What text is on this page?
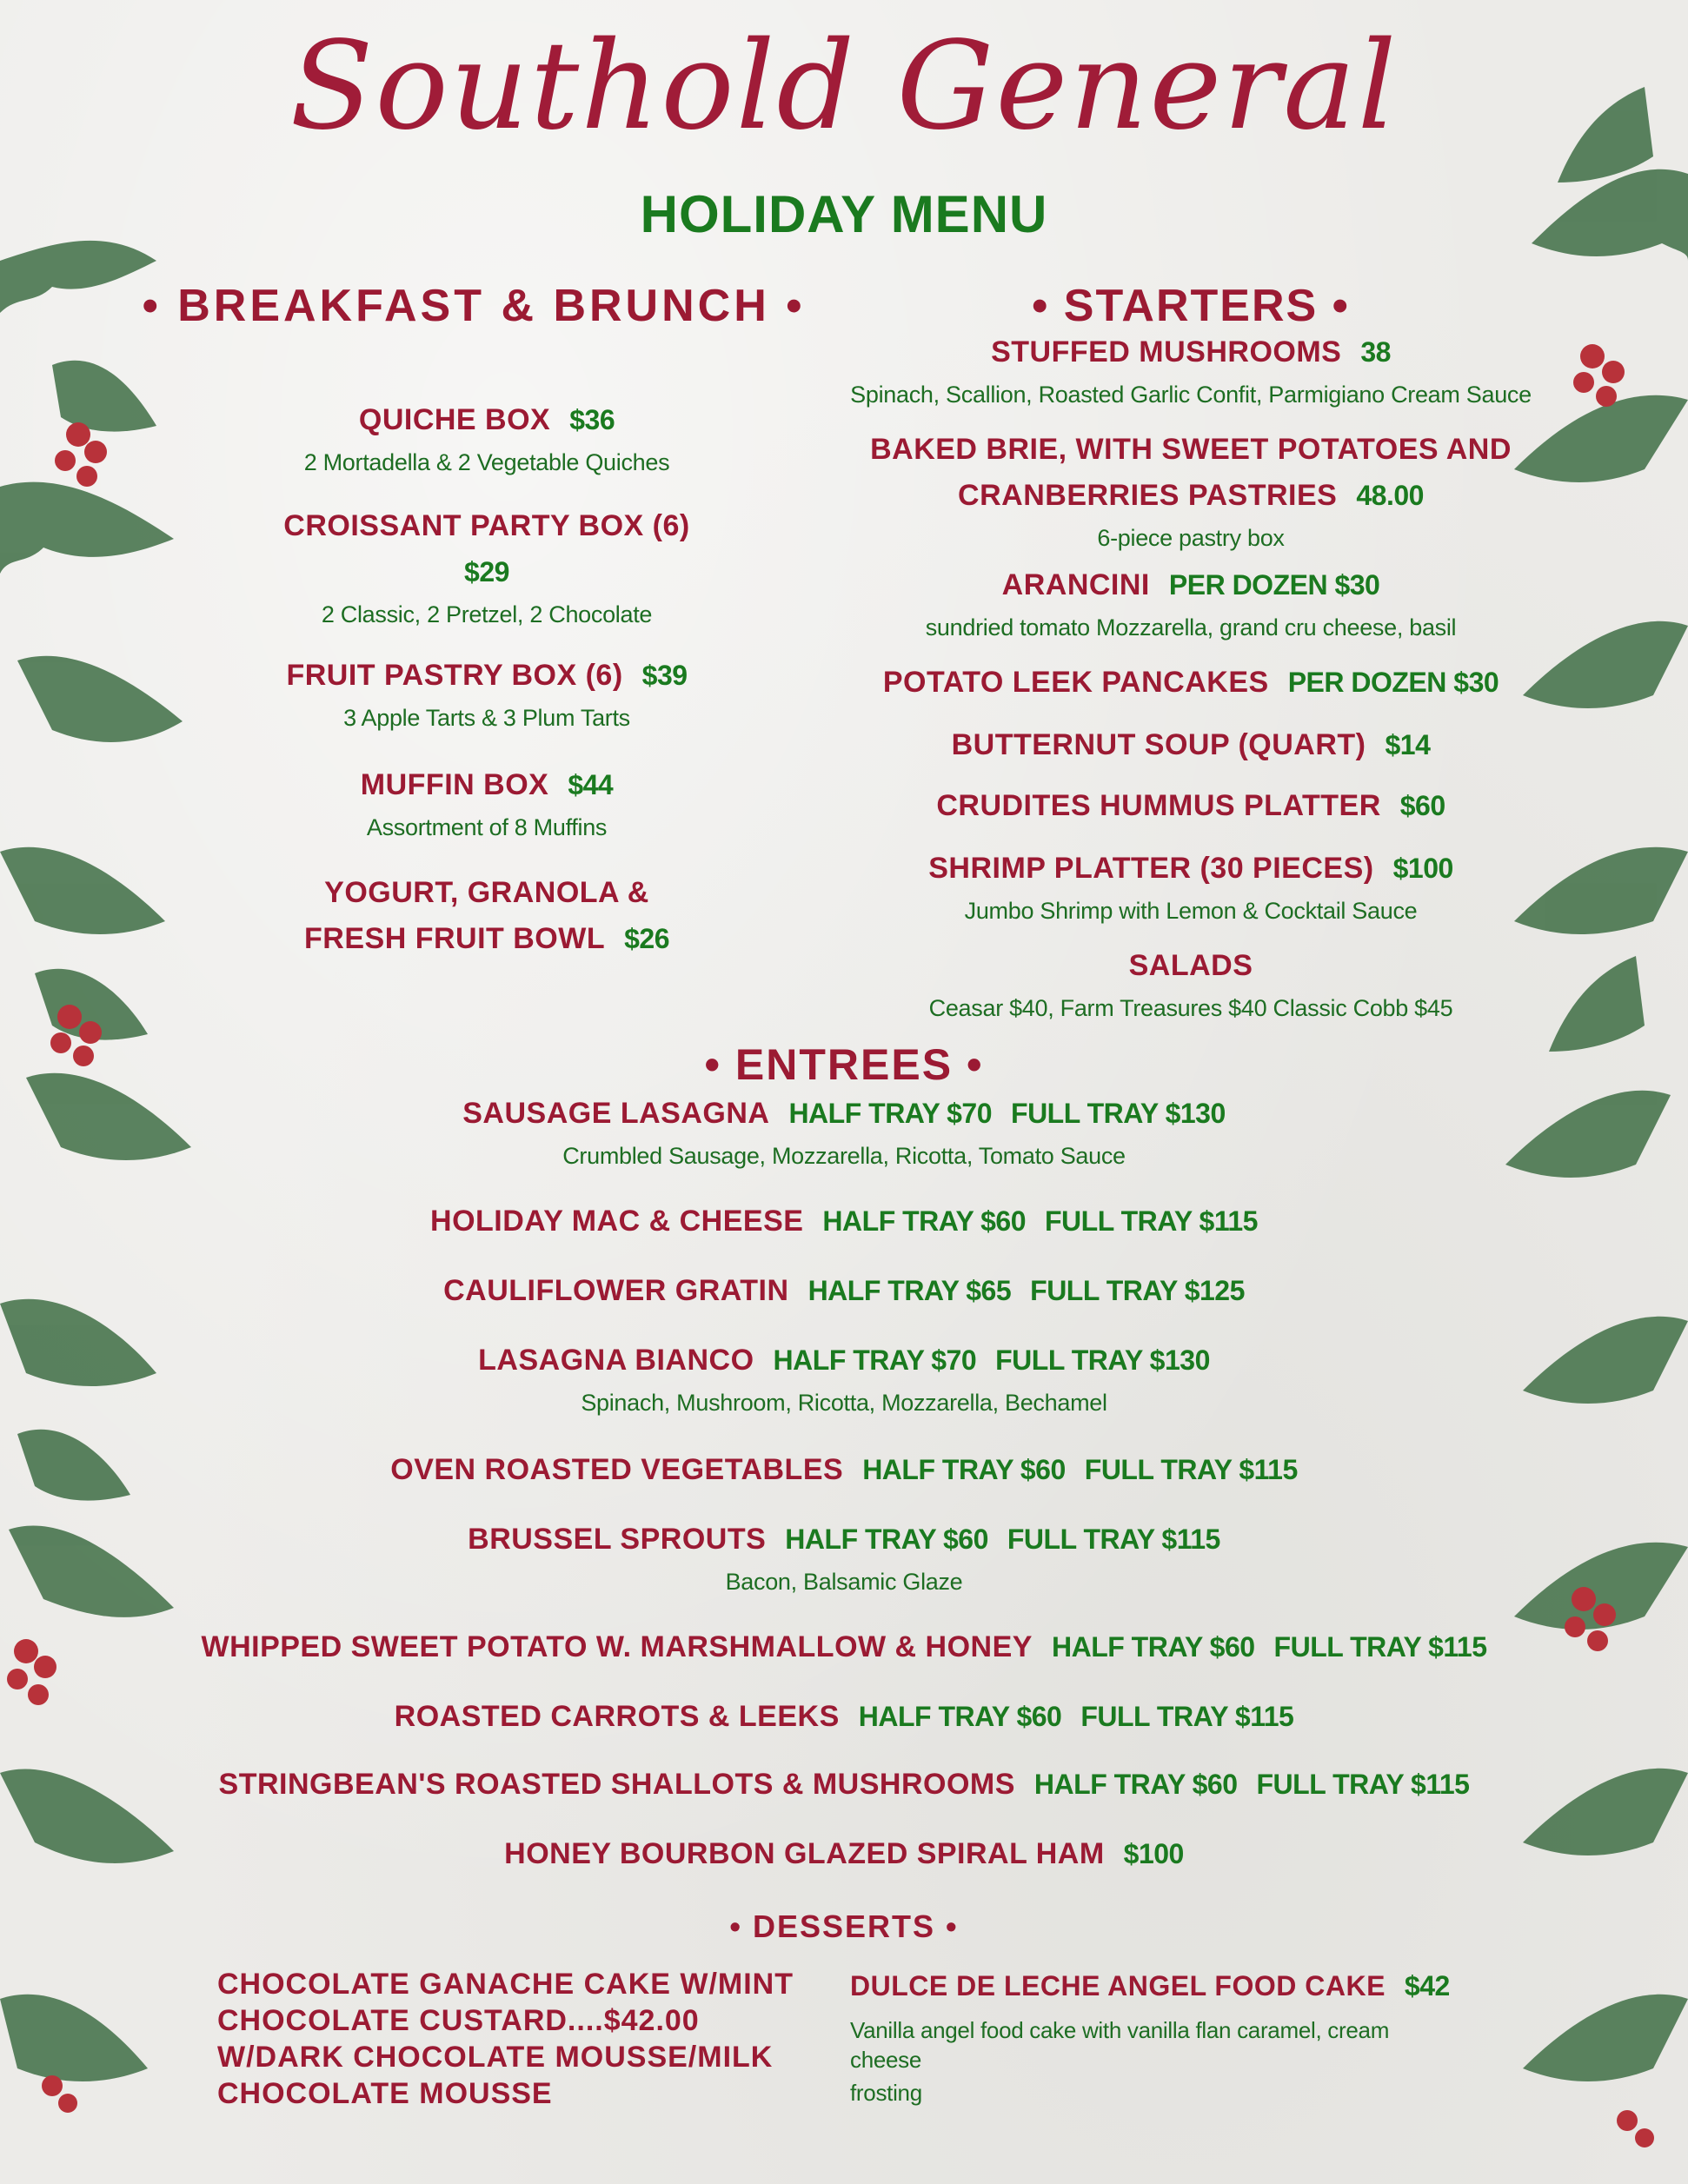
Southold General
HOLIDAY MENU
• BREAKFAST & BRUNCH •
QUICHE BOX $36
2 Mortadella & 2 Vegetable Quiches
CROISSANT PARTY BOX (6)
$29
2 Classic, 2 Pretzel, 2 Chocolate
FRUIT PASTRY BOX (6) $39
3 Apple Tarts & 3 Plum Tarts
MUFFIN BOX $44
Assortment of 8 Muffins
YOGURT, GRANOLA &
FRESH FRUIT BOWL $26
• STARTERS •
STUFFED MUSHROOMS 38
Spinach, Scallion, Roasted Garlic Confit, Parmigiano Cream Sauce
BAKED BRIE, WITH SWEET POTATOES AND
CRANBERRIES PASTRIES 48.00
6-piece pastry box
ARANCINI PER DOZEN $30
sundried tomato Mozzarella, grand cru cheese, basil
POTATO LEEK PANCAKES PER DOZEN $30
BUTTERNUT SOUP (QUART) $14
CRUDITES HUMMUS PLATTER $60
SHRIMP PLATTER (30 PIECES) $100
Jumbo Shrimp with Lemon & Cocktail Sauce
SALADS
Ceasar $40, Farm Treasures $40 Classic Cobb $45
• ENTREES •
SAUSAGE LASAGNA HALF TRAY $70 FULL TRAY $130
Crumbled Sausage, Mozzarella, Ricotta, Tomato Sauce
HOLIDAY MAC & CHEESE HALF TRAY $60 FULL TRAY $115
CAULIFLOWER GRATIN HALF TRAY $65 FULL TRAY $125
LASAGNA BIANCO HALF TRAY $70 FULL TRAY $130
Spinach, Mushroom, Ricotta, Mozzarella, Bechamel
OVEN ROASTED VEGETABLES HALF TRAY $60 FULL TRAY $115
BRUSSEL SPROUTS HALF TRAY $60 FULL TRAY $115
Bacon, Balsamic Glaze
WHIPPED SWEET POTATO W. MARSHMALLOW & HONEY HALF TRAY $60 FULL TRAY $115
ROASTED CARROTS & LEEKS HALF TRAY $60 FULL TRAY $115
STRINGBEAN'S ROASTED SHALLOTS & MUSHROOMS HALF TRAY $60 FULL TRAY $115
HONEY BOURBON GLAZED SPIRAL HAM $100
• DESSERTS •
CHOCOLATE GANACHE CAKE W/MINT
CHOCOLATE CUSTARD....$42.00
W/DARK CHOCOLATE MOUSSE/MILK
CHOCOLATE MOUSSE
DULCE DE LECHE ANGEL FOOD CAKE $42
Vanilla angel food cake with vanilla flan caramel, cream cheese
frosting
